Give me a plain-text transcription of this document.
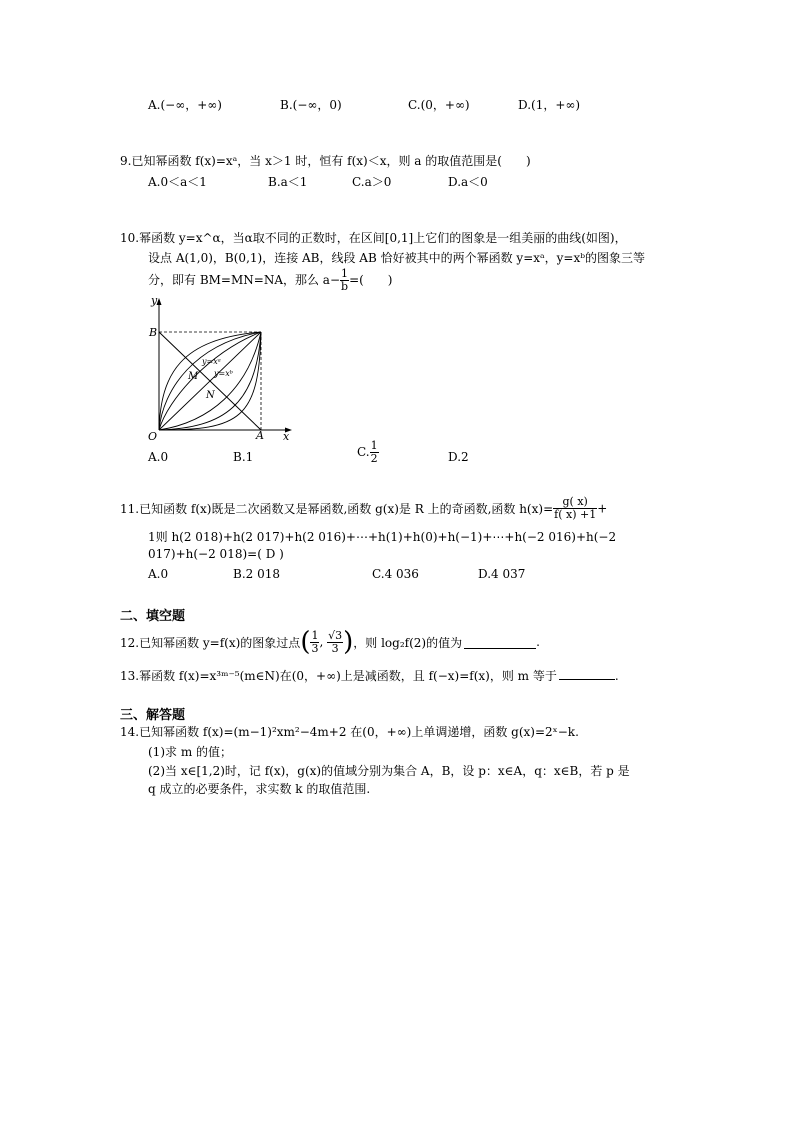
A.(−∞，+∞)	B.(−∞，0)	C.(0，+∞)	D.(1，+∞)
9.已知幂函数 f(x)=xᵃ，当 x＞1 时，恒有 f(x)＜x，则 a 的取值范围是(　　)
A.0＜a＜1	B.a＜1	C.a＞0	D.a＜0
10.幂函数 y=x^α，当α取不同的正数时，在区间[0,1]上它们的图象是一组美丽的曲线(如图)，
设点 A(1,0)，B(0,1)，连接 AB，线段 AB 恰好被其中的两个幂函数 y=xᵃ，y=xᵇ的图象三等
分，即有 BM=MN=NA，那么 $a- \frac{1}{b}$ =(　　)
y
x
B
A
O
M
N
y=xᵃ
y=xᵇ
A.0	B.1	C. $\frac{1}{2}$	D.2
11.已知函数 f(x)既是二次函数又是幂函数,函数 g(x)是 R 上的奇函数,函数 $h(x)= \frac{g( x)}{f( x) +1}$ +
1则 h(2 018)+h(2 017)+h(2 016)+⋯+h(1)+h(0)+h(−1)+⋯+h(−2 016)+h(−2
017)+h(−2 018)=( D )
A.0	B.2 018	C.4 036	D.4 037
二、填空题
12.已知幂函数 y=f(x)的图象过点 ( $\frac{1}{3}$ , $\frac{√3}{3}$ ) ，则 log₂f(2)的值为	.
13.幂函数 f(x)=x³ᵐ⁻⁵(m∈N)在(0，+∞)上是减函数，且 f(−x)=f(x)，则 m 等于	.
三、解答题
14.已知幂函数 f(x)=(m−1)²xm²−4m+2 在(0，+∞)上单调递增，函数 g(x)=2ˣ−k.
(1)求 m 的值；
(2)当 x∈[1,2)时，记 f(x)，g(x)的值域分别为集合 A，B，设 p：x∈A，q：x∈B，若 p 是
q 成立的必要条件，求实数 k 的取值范围.
